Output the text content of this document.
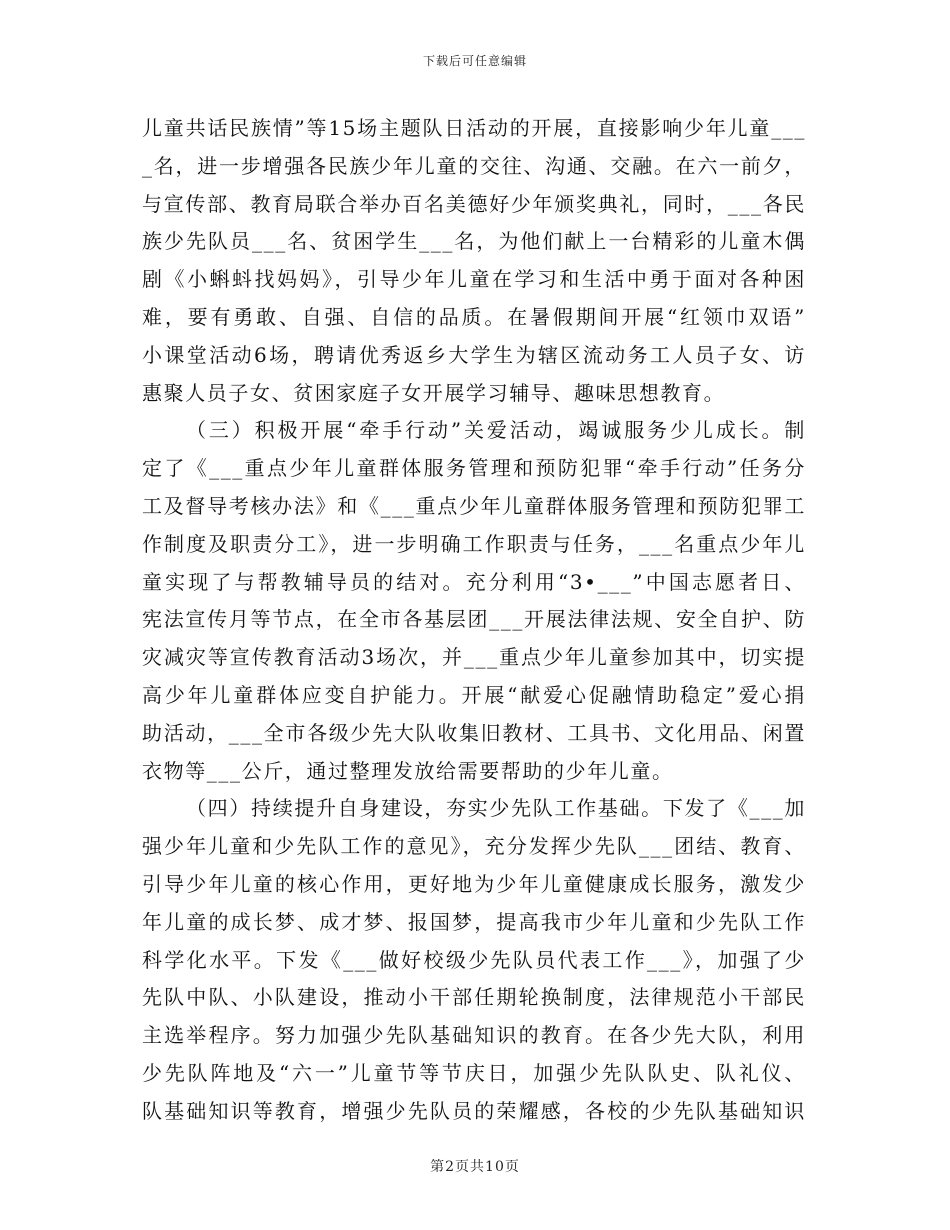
下载后可任意编辑
儿童共话民族情”等15场主题队日活动的开展，直接影响少年儿童___
_名，进一步增强各民族少年儿童的交往、沟通、交融。在六一前夕，
与宣传部、教育局联合举办百名美德好少年颁奖典礼，同时，___各民
族少先队员___名、贫困学生___名，为他们献上一台精彩的儿童木偶
剧《小蝌蚪找妈妈》，引导少年儿童在学习和生活中勇于面对各种困
难，要有勇敢、自强、自信的品质。在暑假期间开展“红领巾双语”
小课堂活动6场，聘请优秀返乡大学生为辖区流动务工人员子女、访
惠聚人员子女、贫困家庭子女开展学习辅导、趣味思想教育。
（三）积极开展“牵手行动”关爱活动，竭诚服务少儿成长。制
定了《___重点少年儿童群体服务管理和预防犯罪“牵手行动”任务分
工及督导考核办法》和《___重点少年儿童群体服务管理和预防犯罪工
作制度及职责分工》，进一步明确工作职责与任务，___名重点少年儿
童实现了与帮教辅导员的结对。充分利用“3•___”中国志愿者日、
宪法宣传月等节点，在全市各基层团___开展法律法规、安全自护、防
灾减灾等宣传教育活动3场次，并___重点少年儿童参加其中，切实提
高少年儿童群体应变自护能力。开展“献爱心促融情助稳定”爱心捐
助活动，___全市各级少先大队收集旧教材、工具书、文化用品、闲置
衣物等___公斤，通过整理发放给需要帮助的少年儿童。
（四）持续提升自身建设，夯实少先队工作基础。下发了《___加
强少年儿童和少先队工作的意见》，充分发挥少先队___团结、教育、
引导少年儿童的核心作用，更好地为少年儿童健康成长服务，激发少
年儿童的成长梦、成才梦、报国梦，提高我市少年儿童和少先队工作
科学化水平。下发《___做好校级少先队员代表工作___》，加强了少
先队中队、小队建设，推动小干部任期轮换制度，法律规范小干部民
主选举程序。努力加强少先队基础知识的教育。在各少先大队，利用
少先队阵地及“六一”儿童节等节庆日，加强少先队队史、队礼仪、
队基础知识等教育，增强少先队员的荣耀感，各校的少先队基础知识
第2页共10页
